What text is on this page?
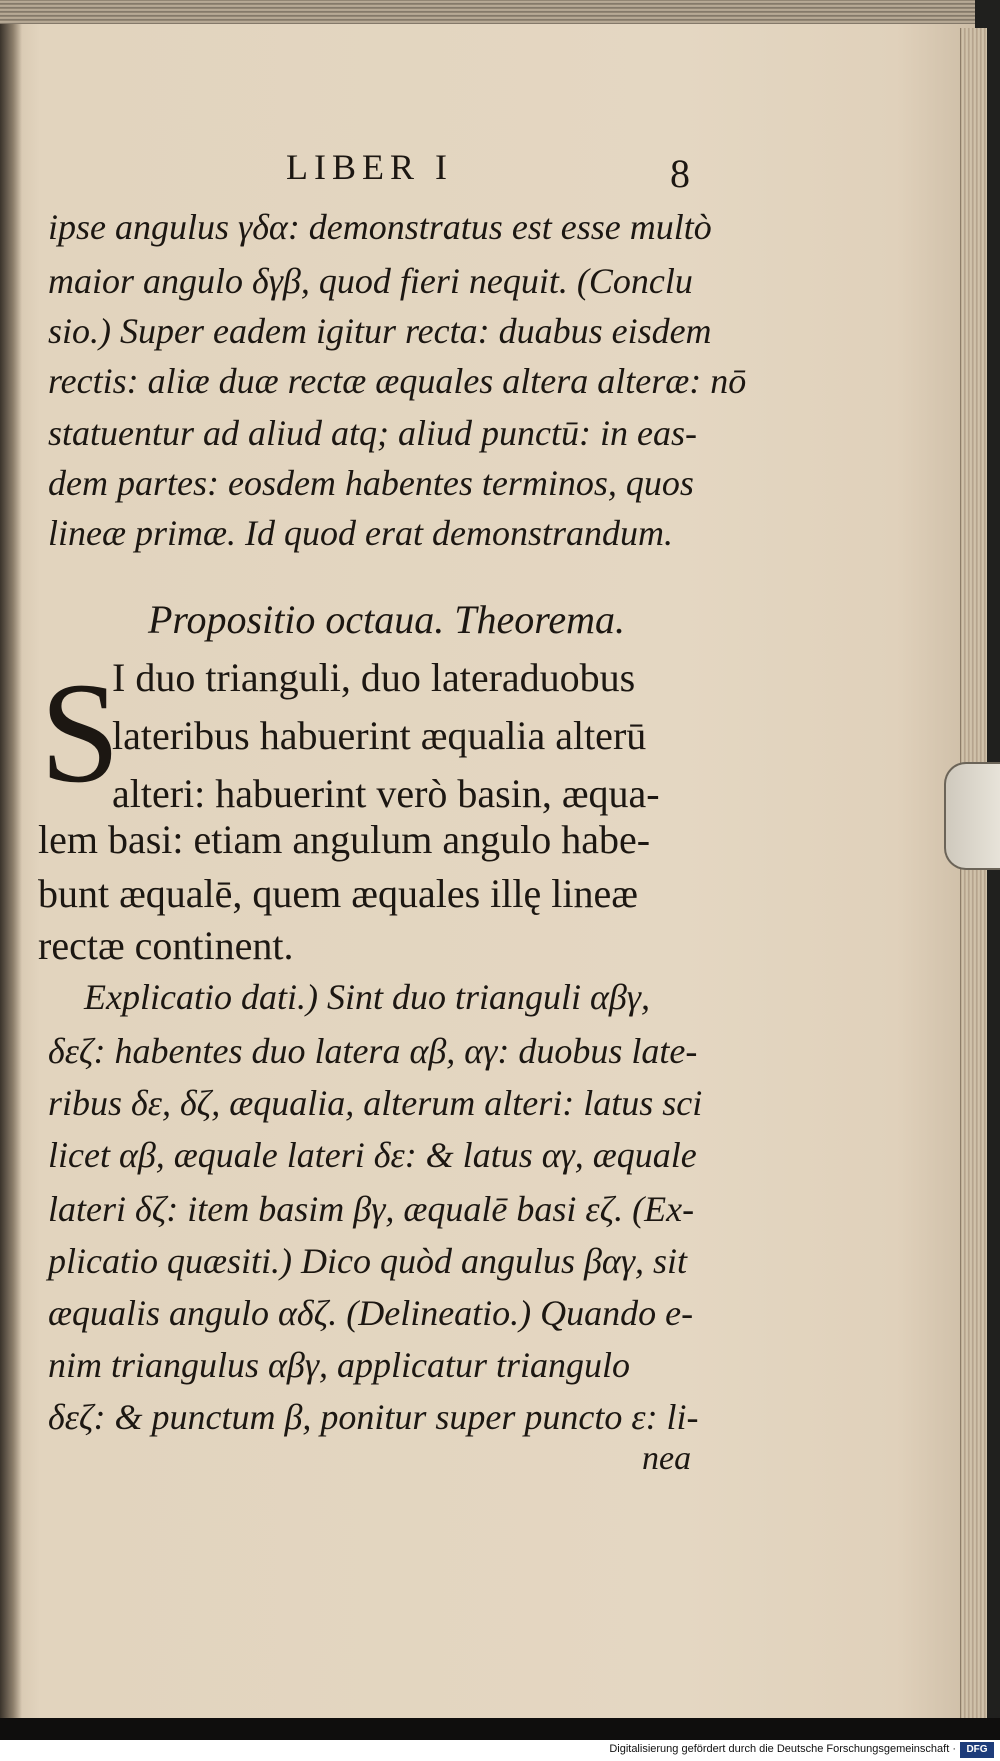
LIBER I	8
ipse angulus γδα: demonstratus est esse multò
maior angulo δγβ, quod fieri nequit. (Conclu
sio.) Super eadem igitur recta: duabus eisdem
rectis: aliæ duæ rectæ æquales altera alteræ: nō
statuentur ad aliud atq; aliud punctū: in eas-
dem partes: eosdem habentes terminos, quos
lineæ primæ. Id quod erat demonstrandum.
Propositio octaua. Theorema.
S
I duo trianguli, duo lateraduobus
lateribus habuerint æqualia alterū
alteri: habuerint verò basin, æqua-
lem basi: etiam angulum angulo habe-
bunt æqualē, quem æquales illę lineæ
rectæ continent.
Explicatio dati.) Sint duo trianguli αβγ,
δεζ: habentes duo latera αβ, αγ: duobus late-
ribus δε, δζ, æqualia, alterum alteri: latus sci
licet αβ, æquale lateri δε: & latus αγ, æquale
lateri δζ: item basim βγ, æqualē basi εζ. (Ex-
plicatio quæsiti.) Dico quòd angulus βαγ, sit
æqualis angulo αδζ. (Delineatio.) Quando e-
nim triangulus αβγ, applicatur triangulo
δεζ: & punctum β, ponitur super puncto ε: li-
nea
Digitalisierung gefördert durch die Deutsche Forschungsgemeinschaft ·	DFG
